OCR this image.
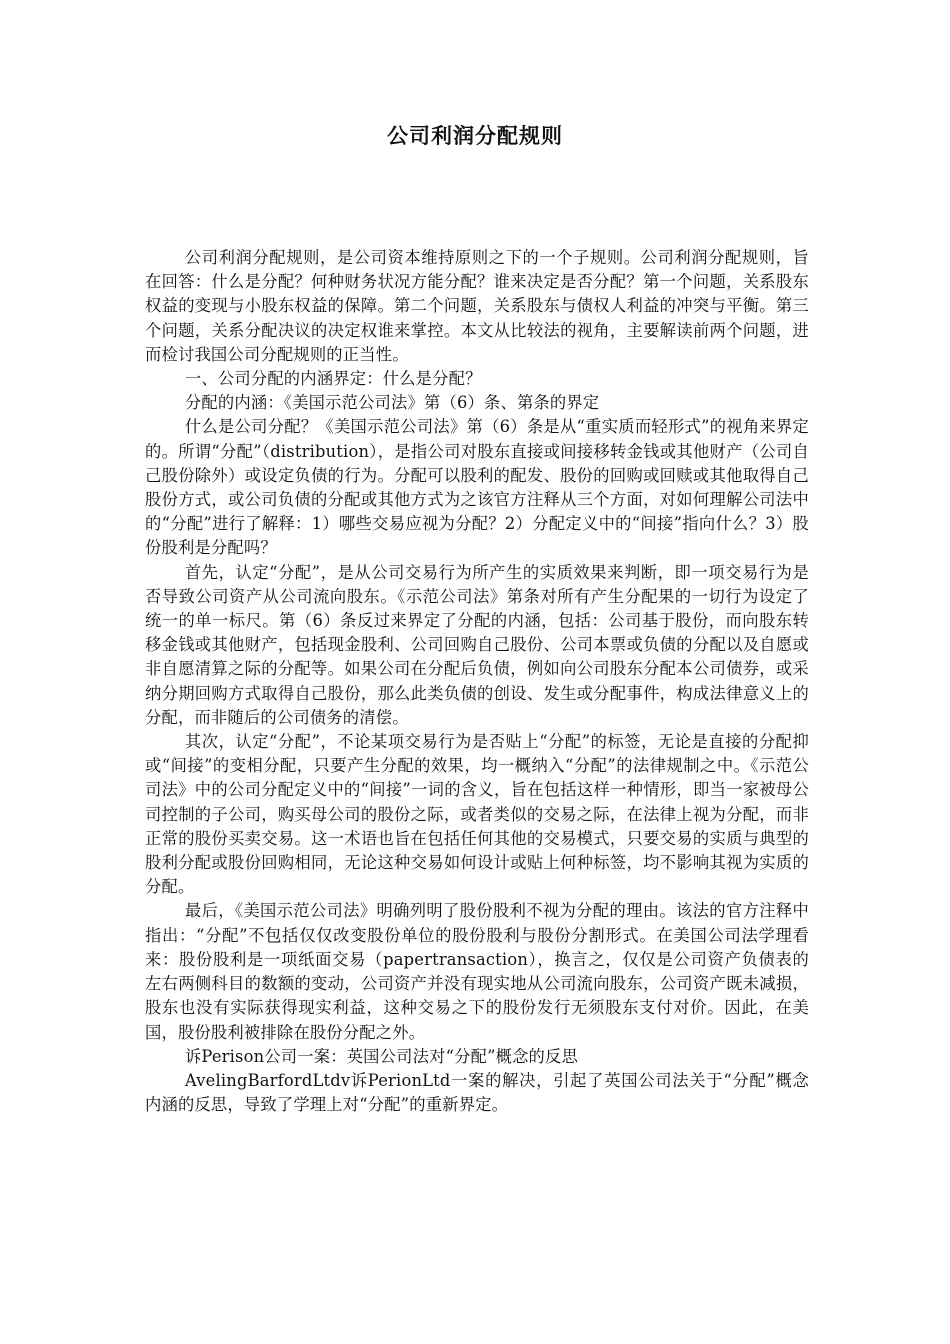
公司利润分配规则

公司利润分配规则，是公司资本维持原则之下的一个子规则。公司利润分配规则，旨在回答：什么是分配？何种财务状况方能分配？谁来决定是否分配？第一个问题，关系股东权益的变现与小股东权益的保障。第二个问题，关系股东与债权人利益的冲突与平衡。第三个问题，关系分配决议的决定权谁来掌控。本文从比较法的视角，主要解读前两个问题，进而检讨我国公司分配规则的正当性。

一、公司分配的内涵界定：什么是分配？

分配的内涵：《美国示范公司法》第（6）条、第条的界定

什么是公司分配？《美国示范公司法》第（6）条是从“重实质而轻形式”的视角来界定的。所谓“分配”（distribution），是指公司对股东直接或间接移转金钱或其他财产（公司自己股份除外）或设定负债的行为。分配可以股利的配发、股份的回购或回赎或其他取得自己股份方式，或公司负债的分配或其他方式为之该官方注释从三个方面，对如何理解公司法中的“分配”进行了解释：1）哪些交易应视为分配？2）分配定义中的“间接”指向什么？3）股份股利是分配吗？

首先，认定“分配”，是从公司交易行为所产生的实质效果来判断，即一项交易行为是否导致公司资产从公司流向股东。《示范公司法》第条对所有产生分配果的一切行为设定了统一的单一标尺。第（6）条反过来界定了分配的内涵，包括：公司基于股份，而向股东转移金钱或其他财产，包括现金股利、公司回购自己股份、公司本票或负债的分配以及自愿或非自愿清算之际的分配等。如果公司在分配后负债，例如向公司股东分配本公司债券，或采纳分期回购方式取得自己股份，那么此类负债的创设、发生或分配事件，构成法律意义上的分配，而非随后的公司债务的清偿。

其次，认定“分配”，不论某项交易行为是否贴上“分配”的标签，无论是直接的分配抑或“间接”的变相分配，只要产生分配的效果，均一概纳入“分配”的法律规制之中。《示范公司法》中的公司分配定义中的“间接”一词的含义，旨在包括这样一种情形，即当一家被母公司控制的子公司，购买母公司的股份之际，或者类似的交易之际，在法律上视为分配，而非正常的股份买卖交易。这一术语也旨在包括任何其他的交易模式，只要交易的实质与典型的股利分配或股份回购相同，无论这种交易如何设计或贴上何种标签，均不影响其视为实质的分配。

最后，《美国示范公司法》明确列明了股份股利不视为分配的理由。该法的官方注释中指出：“分配”不包括仅仅改变股份单位的股份股利与股份分割形式。在美国公司法学理看来：股份股利是一项纸面交易（papertransaction），换言之，仅仅是公司资产负债表的左右两侧科目的数额的变动，公司资产并没有现实地从公司流向股东，公司资产既未减损，股东也没有实际获得现实利益，这种交易之下的股份发行无须股东支付对价。因此，在美国，股份股利被排除在股份分配之外。

诉Perison公司一案：英国公司法对“分配”概念的反思

AvelingBarfordLtdv诉PerionLtd一案的解决，引起了英国公司法关于“分配”概念内涵的反思，导致了学理上对“分配”的重新界定。
